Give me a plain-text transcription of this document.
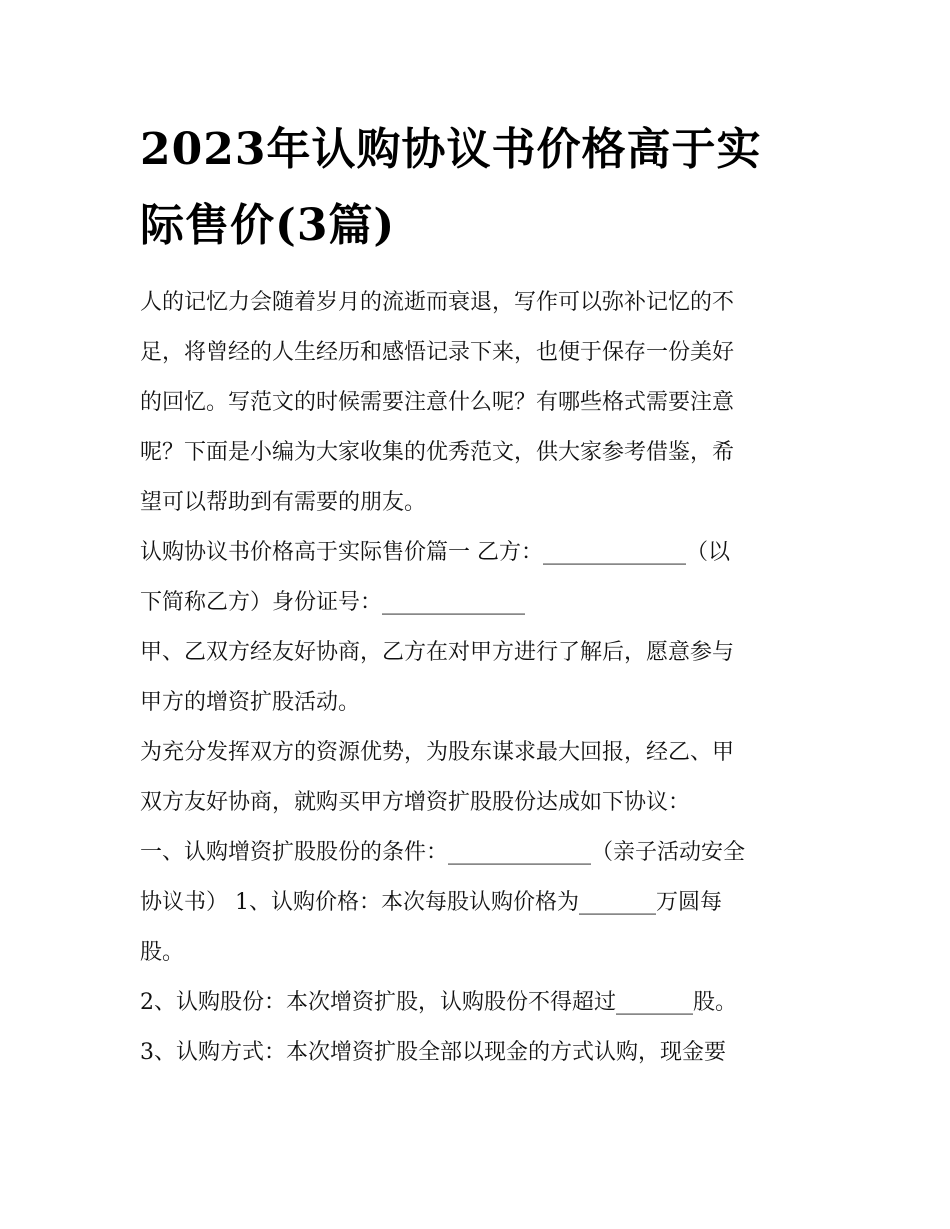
2023年认购协议书价格高于实
际售价(3篇)
人的记忆力会随着岁月的流逝而衰退，写作可以弥补记忆的不
足，将曾经的人生经历和感悟记录下来，也便于保存一份美好
的回忆。写范文的时候需要注意什么呢？有哪些格式需要注意
呢？下面是小编为大家收集的优秀范文，供大家参考借鉴，希
望可以帮助到有需要的朋友。
认购协议书价格高于实际售价篇一 乙方：_____________（以
下简称乙方）身份证号：_____________
甲、乙双方经友好协商，乙方在对甲方进行了解后，愿意参与
甲方的增资扩股活动。
为充分发挥双方的资源优势，为股东谋求最大回报，经乙、甲
双方友好协商，就购买甲方增资扩股股份达成如下协议：
一、认购增资扩股股份的条件：_____________（亲子活动安全
协议书） 1、认购价格：本次每股认购价格为_______万圆每
股。
2、认购股份：本次增资扩股，认购股份不得超过_______股。
3、认购方式：本次增资扩股全部以现金的方式认购，现金要
